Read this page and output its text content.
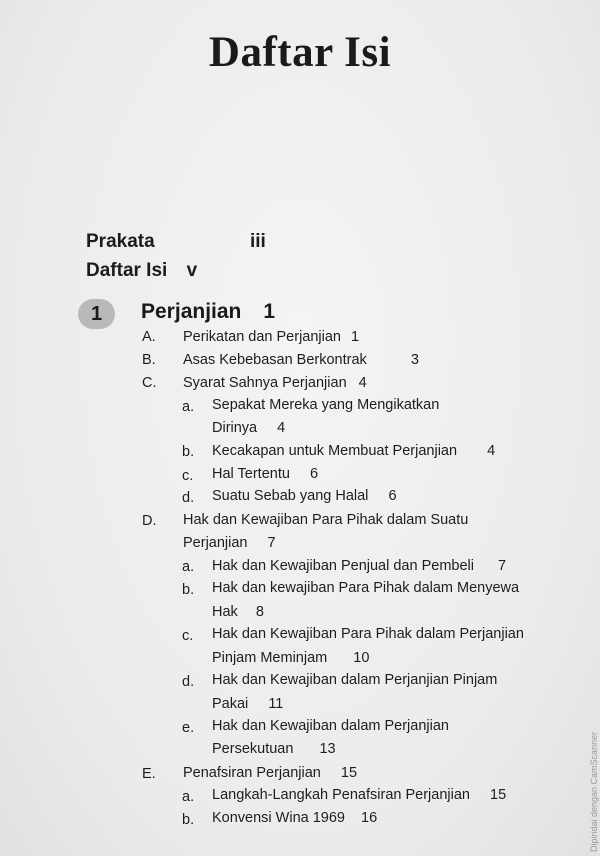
Daftar Isi
Prakata	iii
Daftar Isi v
1	Perjanjian 1
A. Perikatan dan Perjanjian 1
B. Asas Kebebasan Berkontrak	3
C. Syarat Sahnya Perjanjian 4
a. Sepakat Mereka yang Mengikatkan
Dirinya 4
b. Kecakapan untuk Membuat Perjanjian 4
c. Hal Tertentu 6
d. Suatu Sebab yang Halal 6
D. Hak dan Kewajiban Para Pihak dalam Suatu
Perjanjian 7
a. Hak dan Kewajiban Penjual dan Pembeli 7
b. Hak dan kewajiban Para Pihak dalam Menyewa
Hak 8
c. Hak dan Kewajiban Para Pihak dalam Perjanjian
Pinjam Meminjam 10
d. Hak dan Kewajiban dalam Perjanjian Pinjam
Pakai 11
e. Hak dan Kewajiban dalam Perjanjian
Persekutuan 13
E. Penafsiran Perjanjian 15
a. Langkah-Langkah Penafsiran Perjanjian 15
b. Konvensi Wina 1969 16	Dipindai dengan CamScanner
